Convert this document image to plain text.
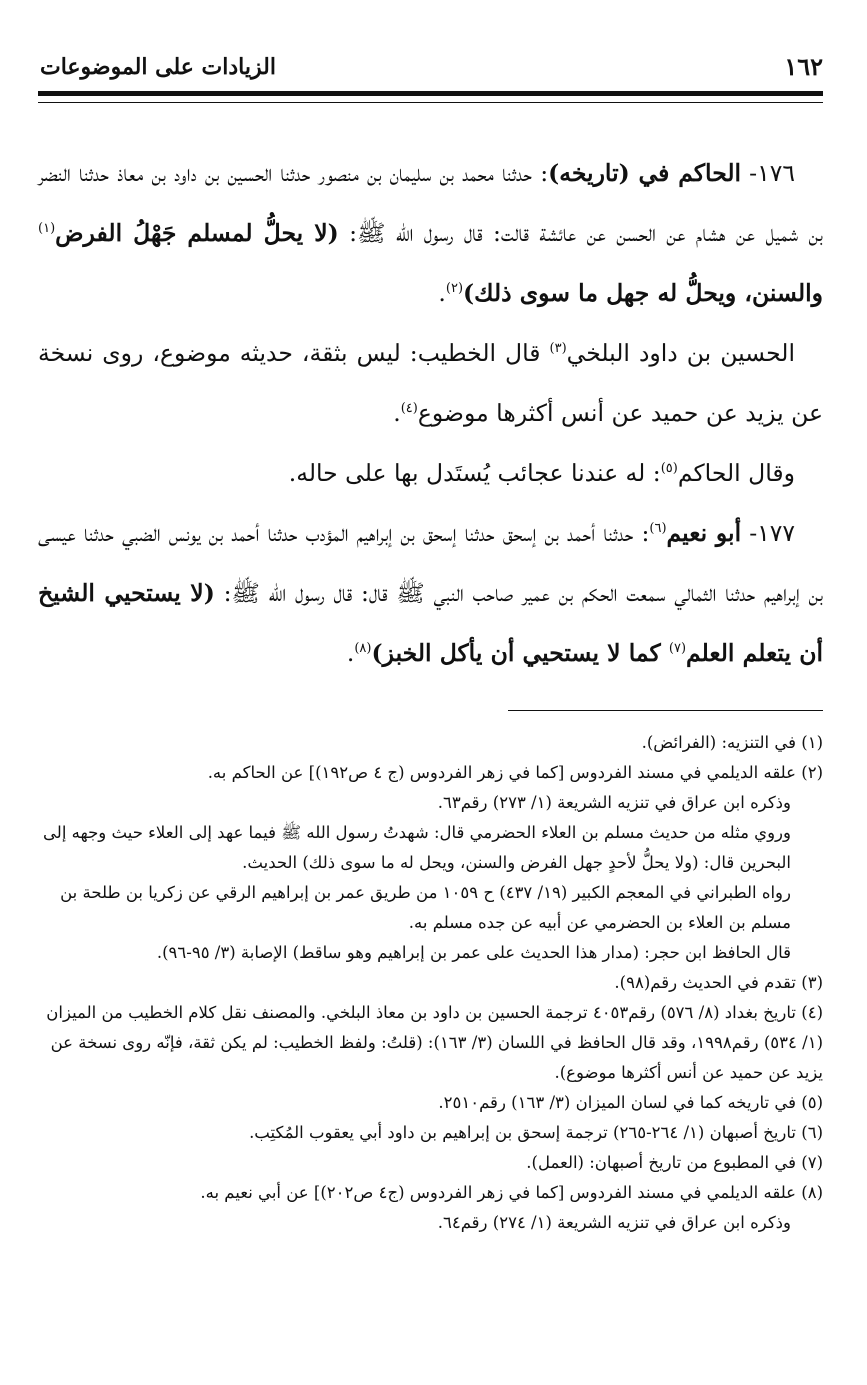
١٦٢
الزيادات على الموضوعات

١٧٦- الحاكم في (تاريخه): حدثنا محمد بن سليمان بن منصور حدثنا الحسين بن داود بن معاذ حدثنا النضر بن شميل عن هشام عن الحسن عن عائشة قالت: قال رسول الله ﷺ: (لا يحلُّ لمسلم جَهْلُ الفرض$^{(١)}$ والسنن، ويحلُّ له جهل ما سوى ذلك)$^{(٢)}$.

الحسين بن داود البلخي$^{(٣)}$ قال الخطيب: ليس بثقة، حديثه موضوع، روى نسخة عن يزيد عن حميد عن أنس أكثرها موضوع$^{(٤)}$.

وقال الحاكم$^{(٥)}$: له عندنا عجائب يُستَدل بها على حاله.

١٧٧- أبو نعيم$^{(٦)}$: حدثنا أحمد بن إسحق حدثنا إسحق بن إبراهيم المؤدب حدثنا أحمد بن يونس الضبي حدثنا عيسى بن إبراهيم حدثنا الثمالي سمعت الحكم بن عمير صاحب النبي ﷺ قال: قال رسول الله ﷺ: (لا يستحيي الشيخ أن يتعلم العلم$^{(٧)}$ كما لا يستحيي أن يأكل الخبز)$^{(٨)}$.

(١) في التنزيه: (الفرائض).

(٢) علقه الديلمي في مسند الفردوس [كما في زهر الفردوس (ج ٤ ص١٩٢)] عن الحاكم به.

وذكره ابن عراق في تنزيه الشريعة (١/ ٢٧٣) رقم٦٣.

وروي مثله من حديث مسلم بن العلاء الحضرمي قال: شهدتُ رسول الله ﷺ فيما عهد إلى العلاء حيث وجهه إلى البحرين قال: (ولا يحلُّ لأحدٍ جهل الفرض والسنن، ويحل له ما سوى ذلك) الحديث.

رواه الطبراني في المعجم الكبير (١٩/ ٤٣٧) ح ١٠٥٩ من طريق عمر بن إبراهيم الرقي عن زكريا بن طلحة بن مسلم بن العلاء بن الحضرمي عن أبيه عن جده مسلم به.

قال الحافظ ابن حجر: (مدار هذا الحديث على عمر بن إبراهيم وهو ساقط) الإصابة (٣/ ٩٥-٩٦).

(٣) تقدم في الحديث رقم(٩٨).

(٤) تاريخ بغداد (٨/ ٥٧٦) رقم٤٠٥٣ ترجمة الحسين بن داود بن معاذ البلخي. والمصنف نقل كلام الخطيب من الميزان (١/ ٥٣٤) رقم١٩٩٨، وقد قال الحافظ في اللسان (٣/ ١٦٣): (قلتُ: ولفظ الخطيب: لم يكن ثقة، فإنّه روى نسخة عن يزيد عن حميد عن أنس أكثرها موضوع).

(٥) في تاريخه كما في لسان الميزان (٣/ ١٦٣) رقم٢٥١٠.

(٦) تاريخ أصبهان (١/ ٢٦٤-٢٦٥) ترجمة إسحق بن إبراهيم بن داود أبي يعقوب المُكتِب.

(٧) في المطبوع من تاريخ أصبهان: (العمل).

(٨) علقه الديلمي في مسند الفردوس [كما في زهر الفردوس (ج٤ ص٢٠٢)] عن أبي نعيم به.

وذكره ابن عراق في تنزيه الشريعة (١/ ٢٧٤) رقم٦٤.
